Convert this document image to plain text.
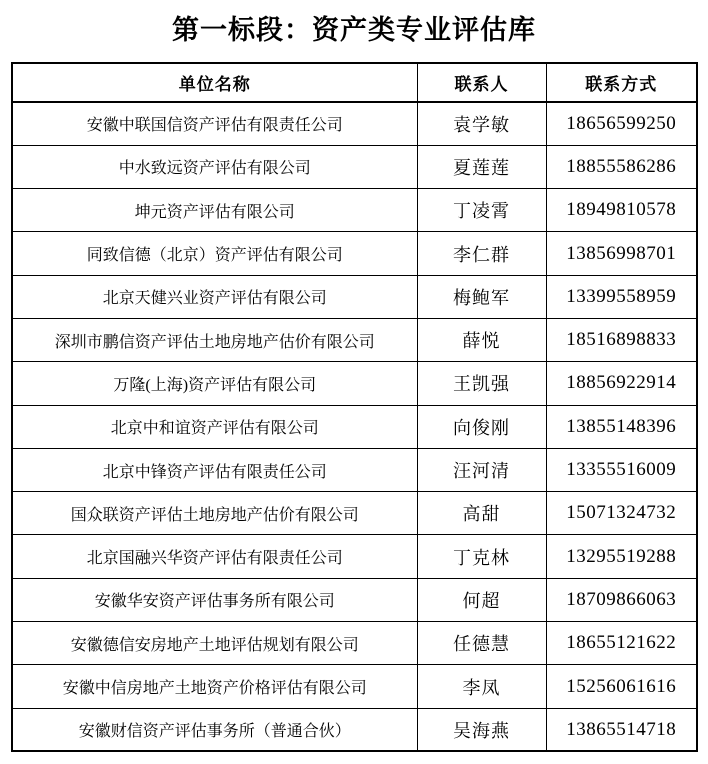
第一标段：资产类专业评估库
单位名称	联系人	联系方式
安徽中联国信资产评估有限责任公司	袁学敏	18656599250
中水致远资产评估有限公司	夏莲莲	18855586286
坤元资产评估有限公司	丁凌霄	18949810578
同致信德（北京）资产评估有限公司	李仁群	13856998701
北京天健兴业资产评估有限公司	梅鲍军	13399558959
深圳市鹏信资产评估土地房地产估价有限公司	薛悦	18516898833
万隆(上海)资产评估有限公司	王凯强	18856922914
北京中和谊资产评估有限公司	向俊刚	13855148396
北京中锋资产评估有限责任公司	汪河清	13355516009
国众联资产评估土地房地产估价有限公司	高甜	15071324732
北京国融兴华资产评估有限责任公司	丁克林	13295519288
安徽华安资产评估事务所有限公司	何超	18709866063
安徽德信安房地产土地评估规划有限公司	任德慧	18655121622
安徽中信房地产土地资产价格评估有限公司	李凤	15256061616
安徽财信资产评估事务所（普通合伙）	吴海燕	13865514718
